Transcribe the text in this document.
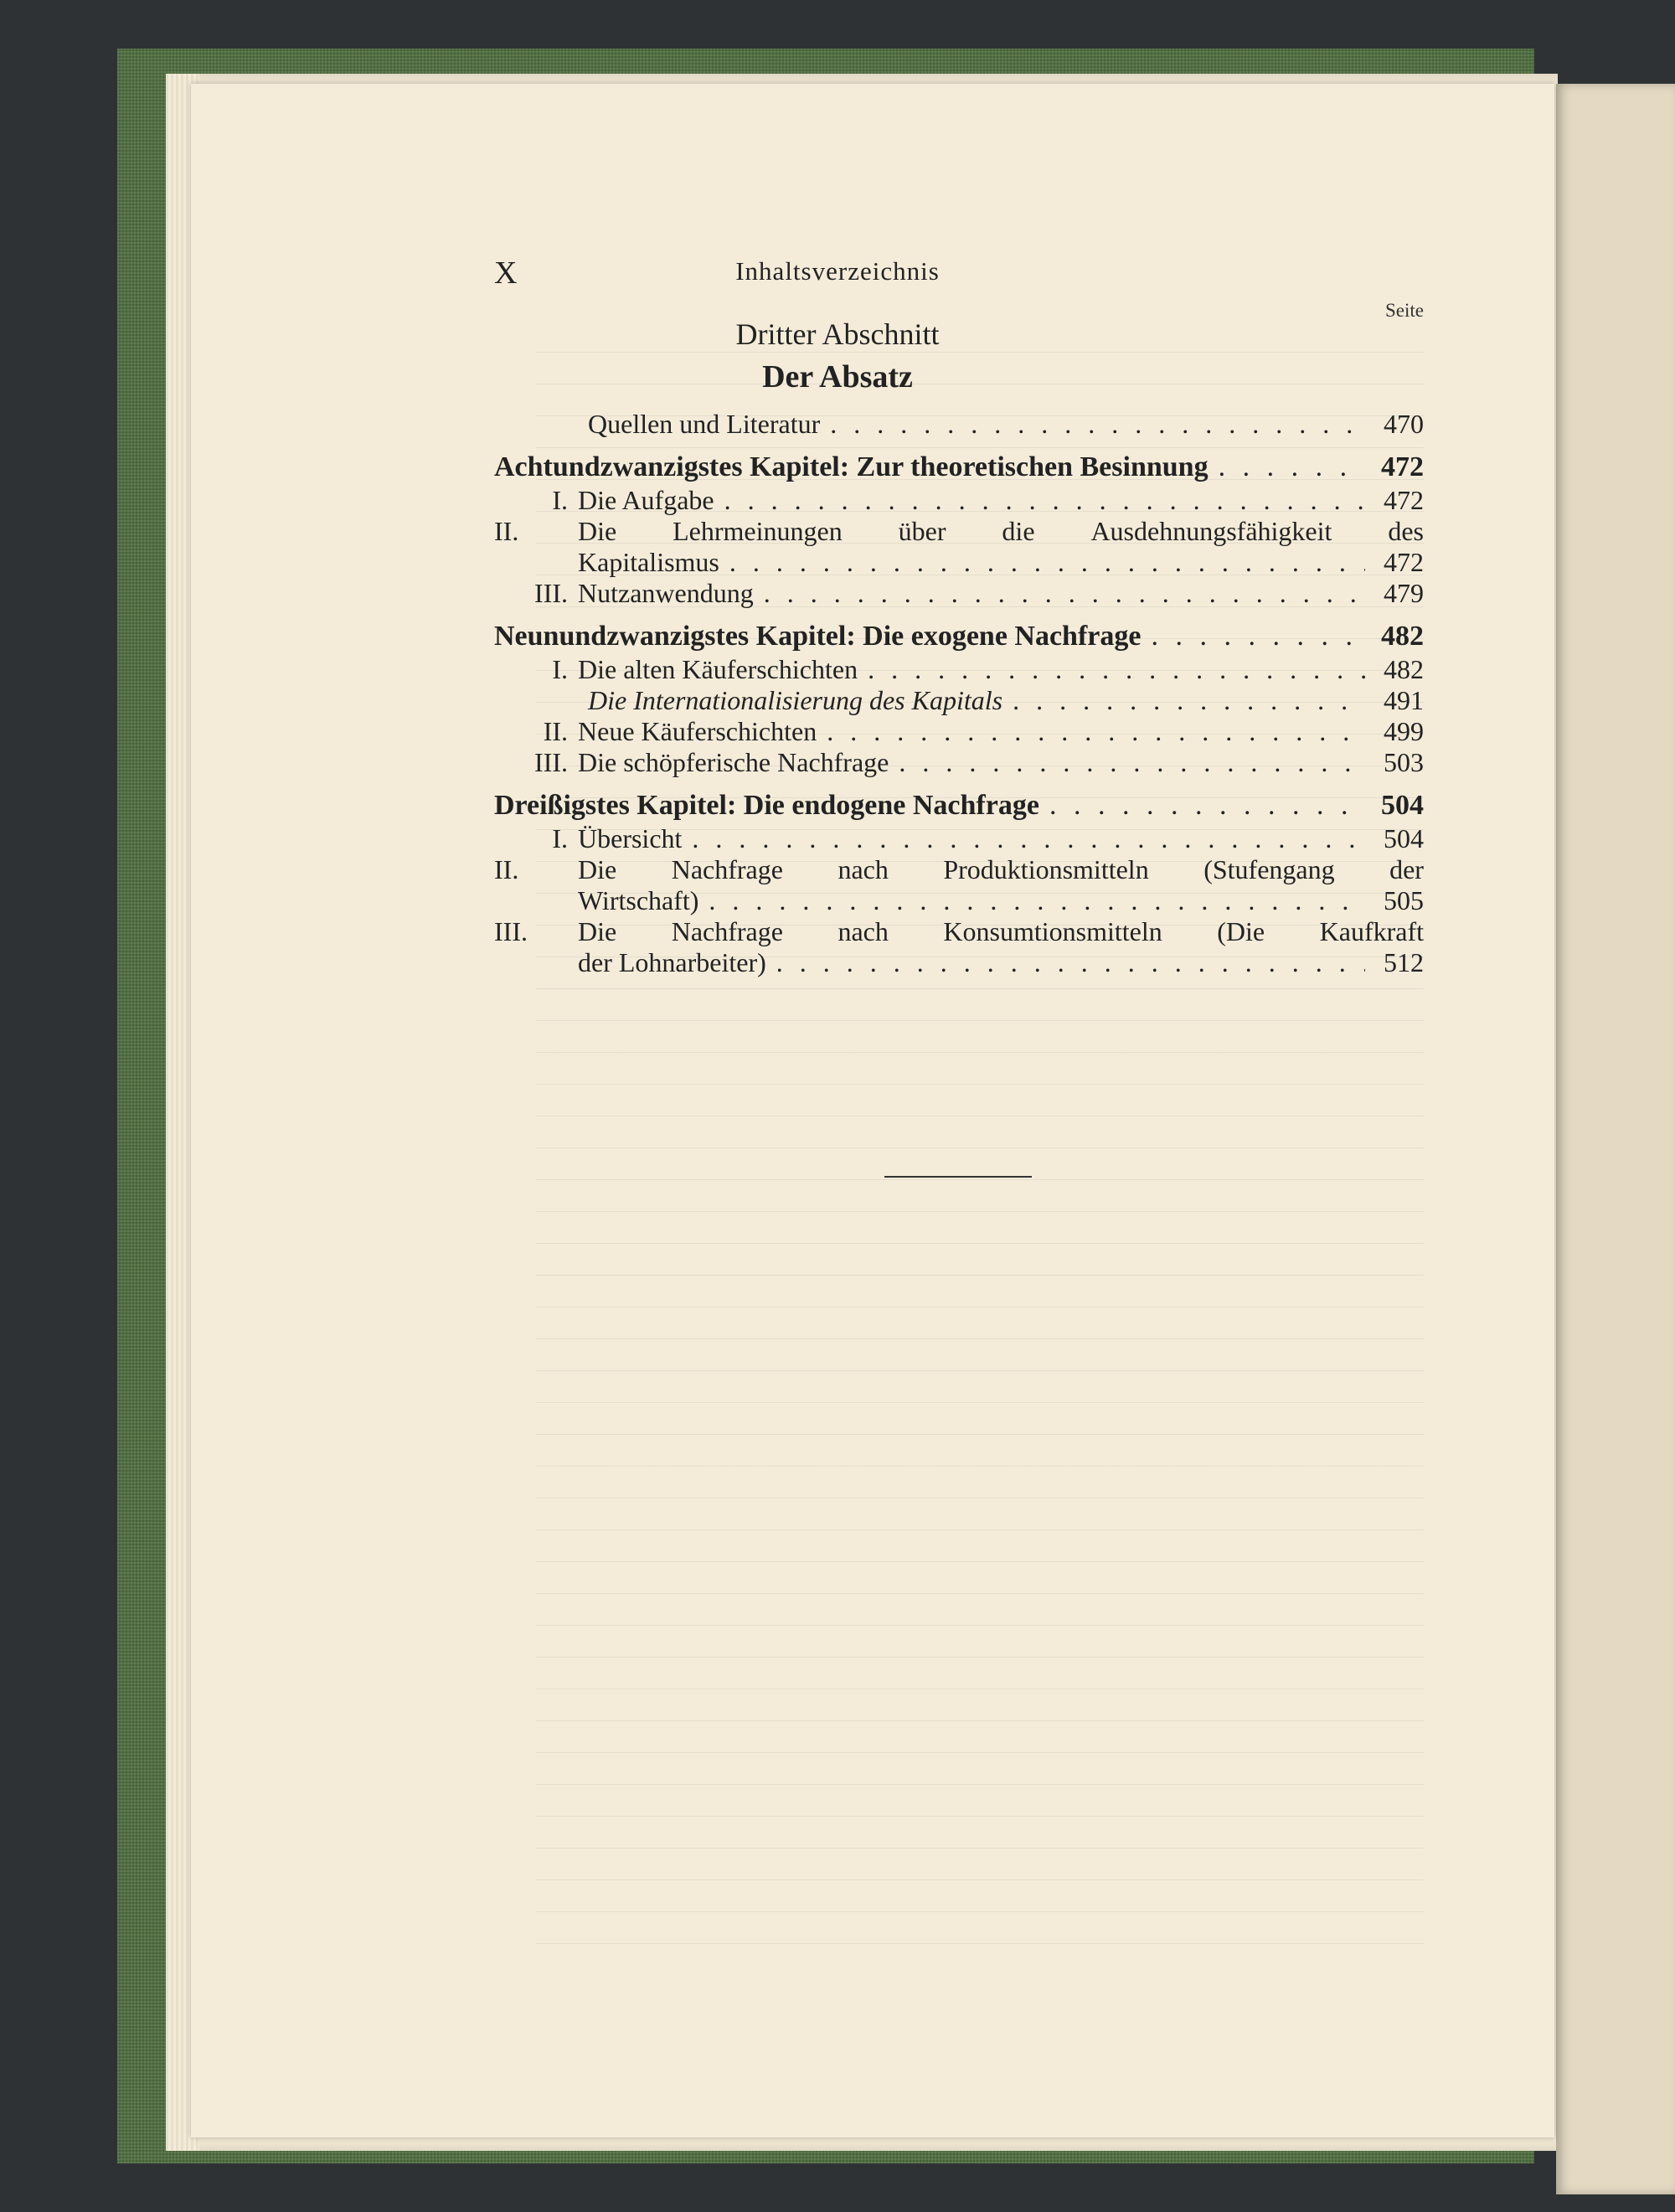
X	Inhaltsverzeichnis
Seite
Dritter Abschnitt
Der Absatz
Quellen und Literatur . . .	470
Achtundzwanzigstes Kapitel: Zur theoretischen Besinnung . . .	472
I. Die Aufgabe . . .	472
II.	Die Lehrmeinungen über die Ausdehnungsfähigkeit des
Kapitalismus . . .	472
III. Nutzanwendung . . .	479
Neunundzwanzigstes Kapitel: Die exogene Nachfrage . . .	482
I. Die alten Käuferschichten . . .	482
Die Internationalisierung des Kapitals . . .	491
II. Neue Käuferschichten . . .	499
III. Die schöpferische Nachfrage . . .	503
Dreißigstes Kapitel: Die endogene Nachfrage . . .	504
I. Übersicht . . .	504
II.	Die Nachfrage nach Produktionsmitteln (Stufengang der
Wirtschaft) . . .	505
III.	Die Nachfrage nach Konsumtionsmitteln (Die Kaufkraft
der Lohnarbeiter) . . .	512
